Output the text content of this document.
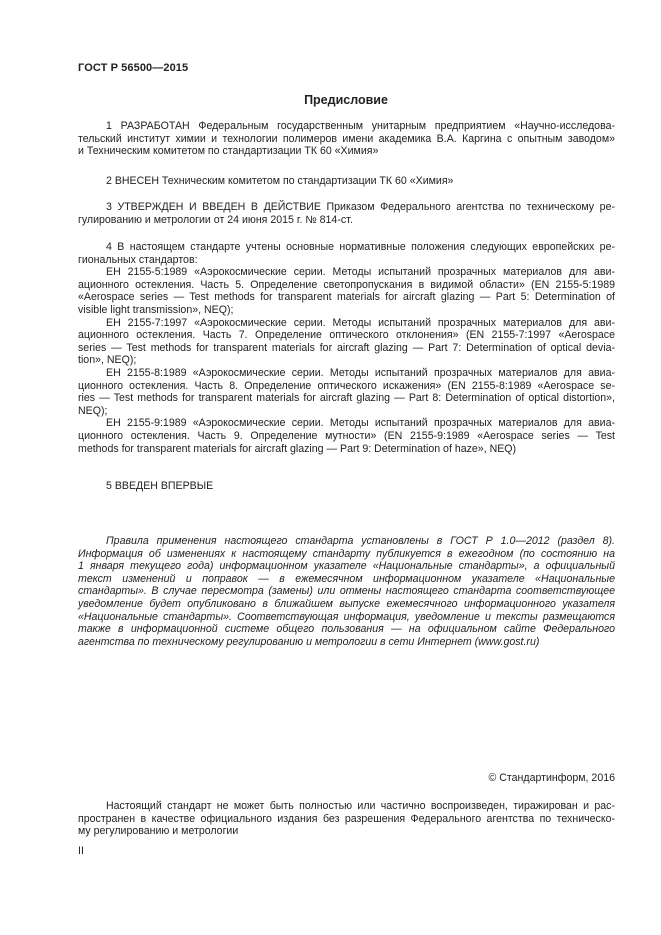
ГОСТ Р 56500—2015
Предисловие
1 РАЗРАБОТАН Федеральным государственным унитарным предприятием «Научно-исследова-
тельский институт химии и технологии полимеров имени академика В.А. Каргина с опытным заводом»
и Техническим комитетом по стандартизации ТК 60 «Химия»
2 ВНЕСЕН Техническим комитетом по стандартизации ТК 60 «Химия»
3 УТВЕРЖДЕН И ВВЕДЕН В ДЕЙСТВИЕ Приказом Федерального агентства по техническому ре-
гулированию и метрологии от 24 июня 2015 г. № 814-ст.
4 В настоящем стандарте учтены основные нормативные положения следующих европейских ре-
гиональных стандартов:
ЕН 2155-5:1989 «Аэрокосмические серии. Методы испытаний прозрачных материалов для ави-
ационного остекления. Часть 5. Определение светопропускания в видимой области» (EN 2155-5:1989
«Aerospace series — Test methods for transparent materials for aircraft glazing — Part 5: Determination of
visible light transmission», NEQ);
ЕН 2155-7:1997 «Аэрокосмические серии. Методы испытаний прозрачных материалов для ави-
ационного остекления. Часть 7. Определение оптического отклонения» (EN 2155-7:1997 «Aerospace
series — Test methods for transparent materials for aircraft glazing — Part 7: Determination of optical devia-
tion», NEQ);
ЕН 2155-8:1989 «Аэрокосмические серии. Методы испытаний прозрачных материалов для авиа-
ционного остекления. Часть 8. Определение оптического искажения» (EN 2155-8:1989 «Aerospace se-
ries — Test methods for transparent materials for aircraft glazing — Part 8: Determination of optical distortion»,
NEQ);
ЕН 2155-9:1989 «Аэрокосмические серии. Методы испытаний прозрачных материалов для авиа-
ционного остекления. Часть 9. Определение мутности» (EN 2155-9:1989 «Aerospace series — Test
methods for transparent materials for aircraft glazing — Part 9: Determination of haze», NEQ)
5 ВВЕДЕН ВПЕРВЫЕ
Правила применения настоящего стандарта установлены в ГОСТ Р 1.0—2012 (раздел 8).
Информация об изменениях к настоящему стандарту публикуется в ежегодном (по состоянию на
1 января текущего года) информационном указателе «Национальные стандарты», а официальный
текст изменений и поправок — в ежемесячном информационном указателе «Национальные
стандарты». В случае пересмотра (замены) или отмены настоящего стандарта соответствующее
уведомление будет опубликовано в ближайшем выпуске ежемесячного информационного указателя
«Национальные стандарты». Соответствующая информация, уведомление и тексты размещаются
также в информационной системе общего пользования — на официальном сайте Федерального
агентства по техническому регулированию и метрологии в сети Интернет (www.gost.ru)
© Стандартинформ, 2016
Настоящий стандарт не может быть полностью или частично воспроизведен, тиражирован и рас-
пространен в качестве официального издания без разрешения Федерального агентства по техническо-
му регулированию и метрологии
II
